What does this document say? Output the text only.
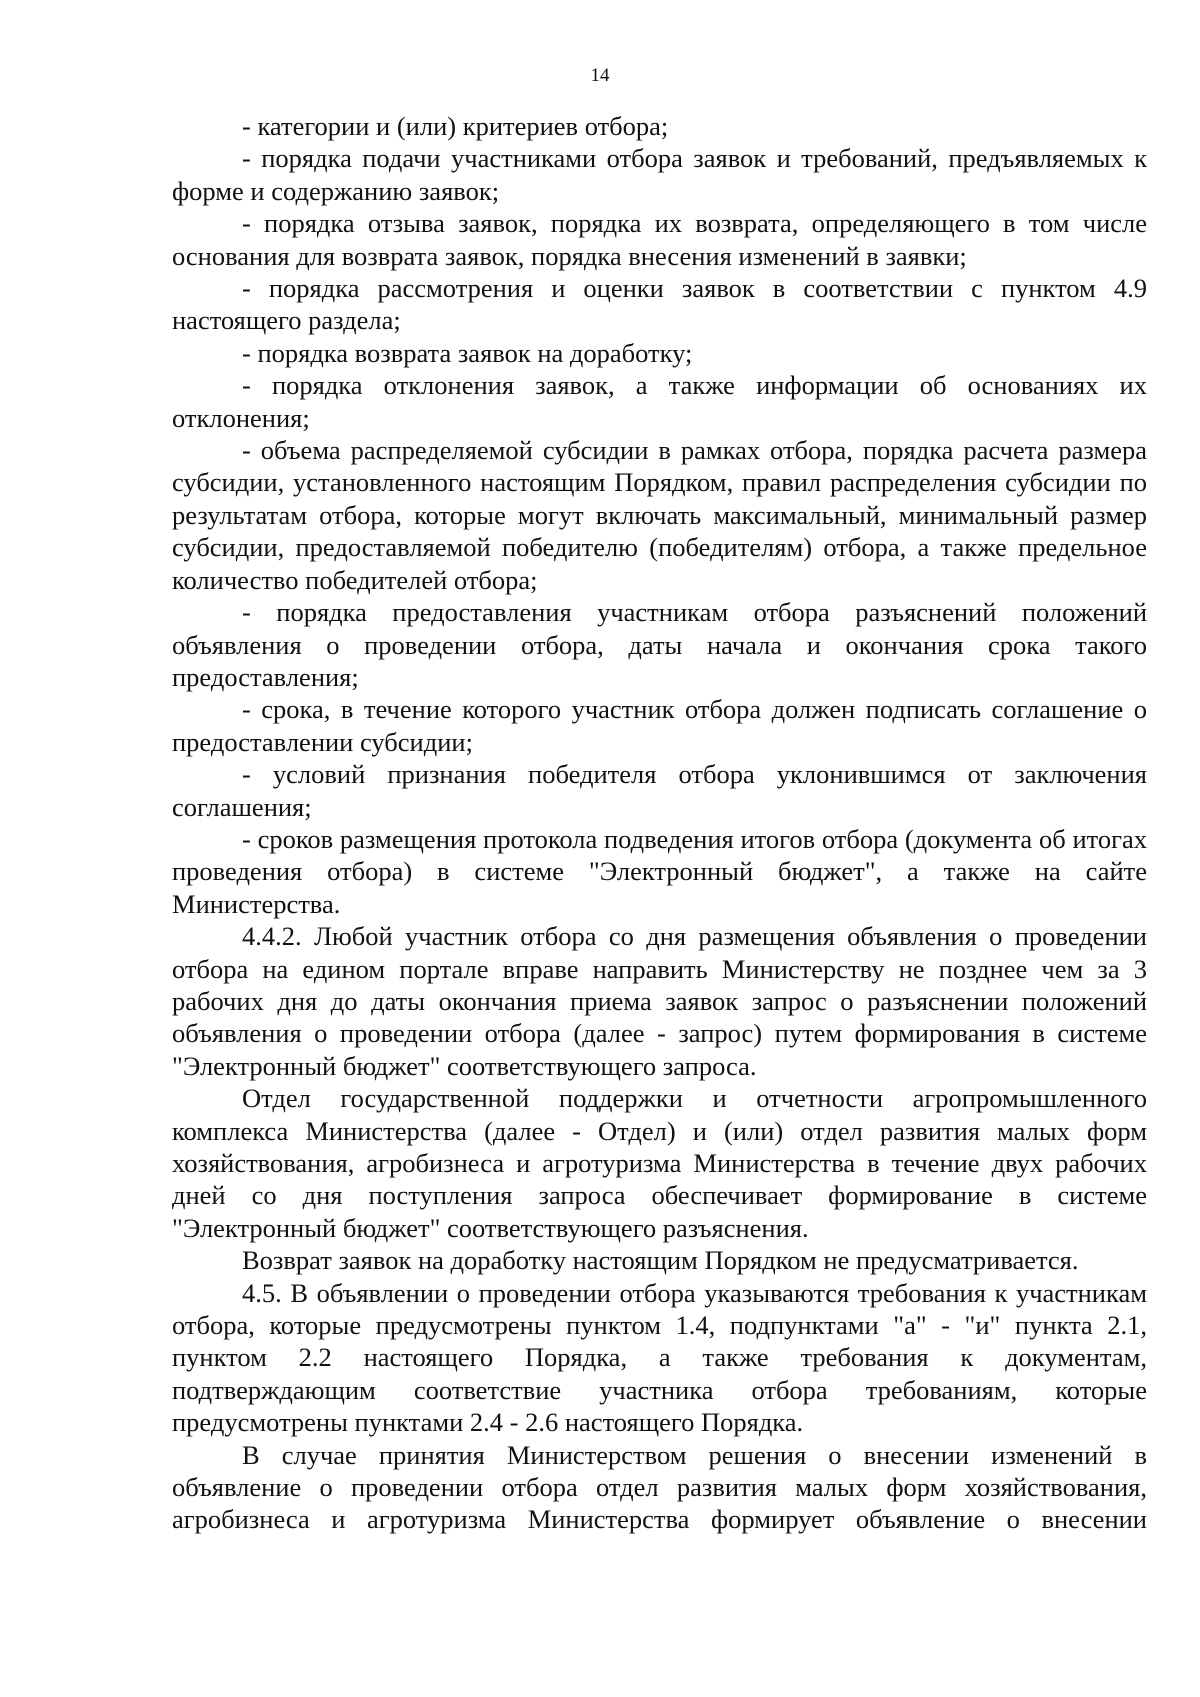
14

- категории и (или) критериев отбора;

- порядка подачи участниками отбора заявок и требований, предъявляемых к форме и содержанию заявок;

- порядка отзыва заявок, порядка их возврата, определяющего в том числе основания для возврата заявок, порядка внесения изменений в заявки;

- порядка рассмотрения и оценки заявок в соответствии с пунктом 4.9 настоящего раздела;

- порядка возврата заявок на доработку;

- порядка отклонения заявок, а также информации об основаниях их отклонения;

- объема распределяемой субсидии в рамках отбора, порядка расчета размера субсидии, установленного настоящим Порядком, правил распределения субсидии по результатам отбора, которые могут включать максимальный, минимальный размер субсидии, предоставляемой победителю (победителям) отбора, а также предельное количество победителей отбора;

- порядка предоставления участникам отбора разъяснений положений объявления о проведении отбора, даты начала и окончания срока такого предоставления;

- срока, в течение которого участник отбора должен подписать соглашение о предоставлении субсидии;

- условий признания победителя отбора уклонившимся от заключения соглашения;

- сроков размещения протокола подведения итогов отбора (документа об итогах проведения отбора) в системе "Электронный бюджет", а также на сайте Министерства.

4.4.2. Любой участник отбора со дня размещения объявления о проведении отбора на едином портале вправе направить Министерству не позднее чем за 3 рабочих дня до даты окончания приема заявок запрос о разъяснении положений объявления о проведении отбора (далее - запрос) путем формирования в системе "Электронный бюджет" соответствующего запроса.

Отдел государственной поддержки и отчетности агропромышленного комплекса Министерства (далее - Отдел) и (или) отдел развития малых форм хозяйствования, агробизнеса и агротуризма Министерства в течение двух рабочих дней со дня поступления запроса обеспечивает формирование в системе "Электронный бюджет" соответствующего разъяснения.

Возврат заявок на доработку настоящим Порядком не предусматривается.

4.5. В объявлении о проведении отбора указываются требования к участникам отбора, которые предусмотрены пунктом 1.4, подпунктами "а" - "и" пункта 2.1, пунктом 2.2 настоящего Порядка, а также требования к документам, подтверждающим соответствие участника отбора требованиям, которые предусмотрены пунктами 2.4 - 2.6 настоящего Порядка.

В случае принятия Министерством решения о внесении изменений в объявление о проведении отбора отдел развития малых форм хозяйствования, агробизнеса и агротуризма Министерства формирует объявление о внесении
